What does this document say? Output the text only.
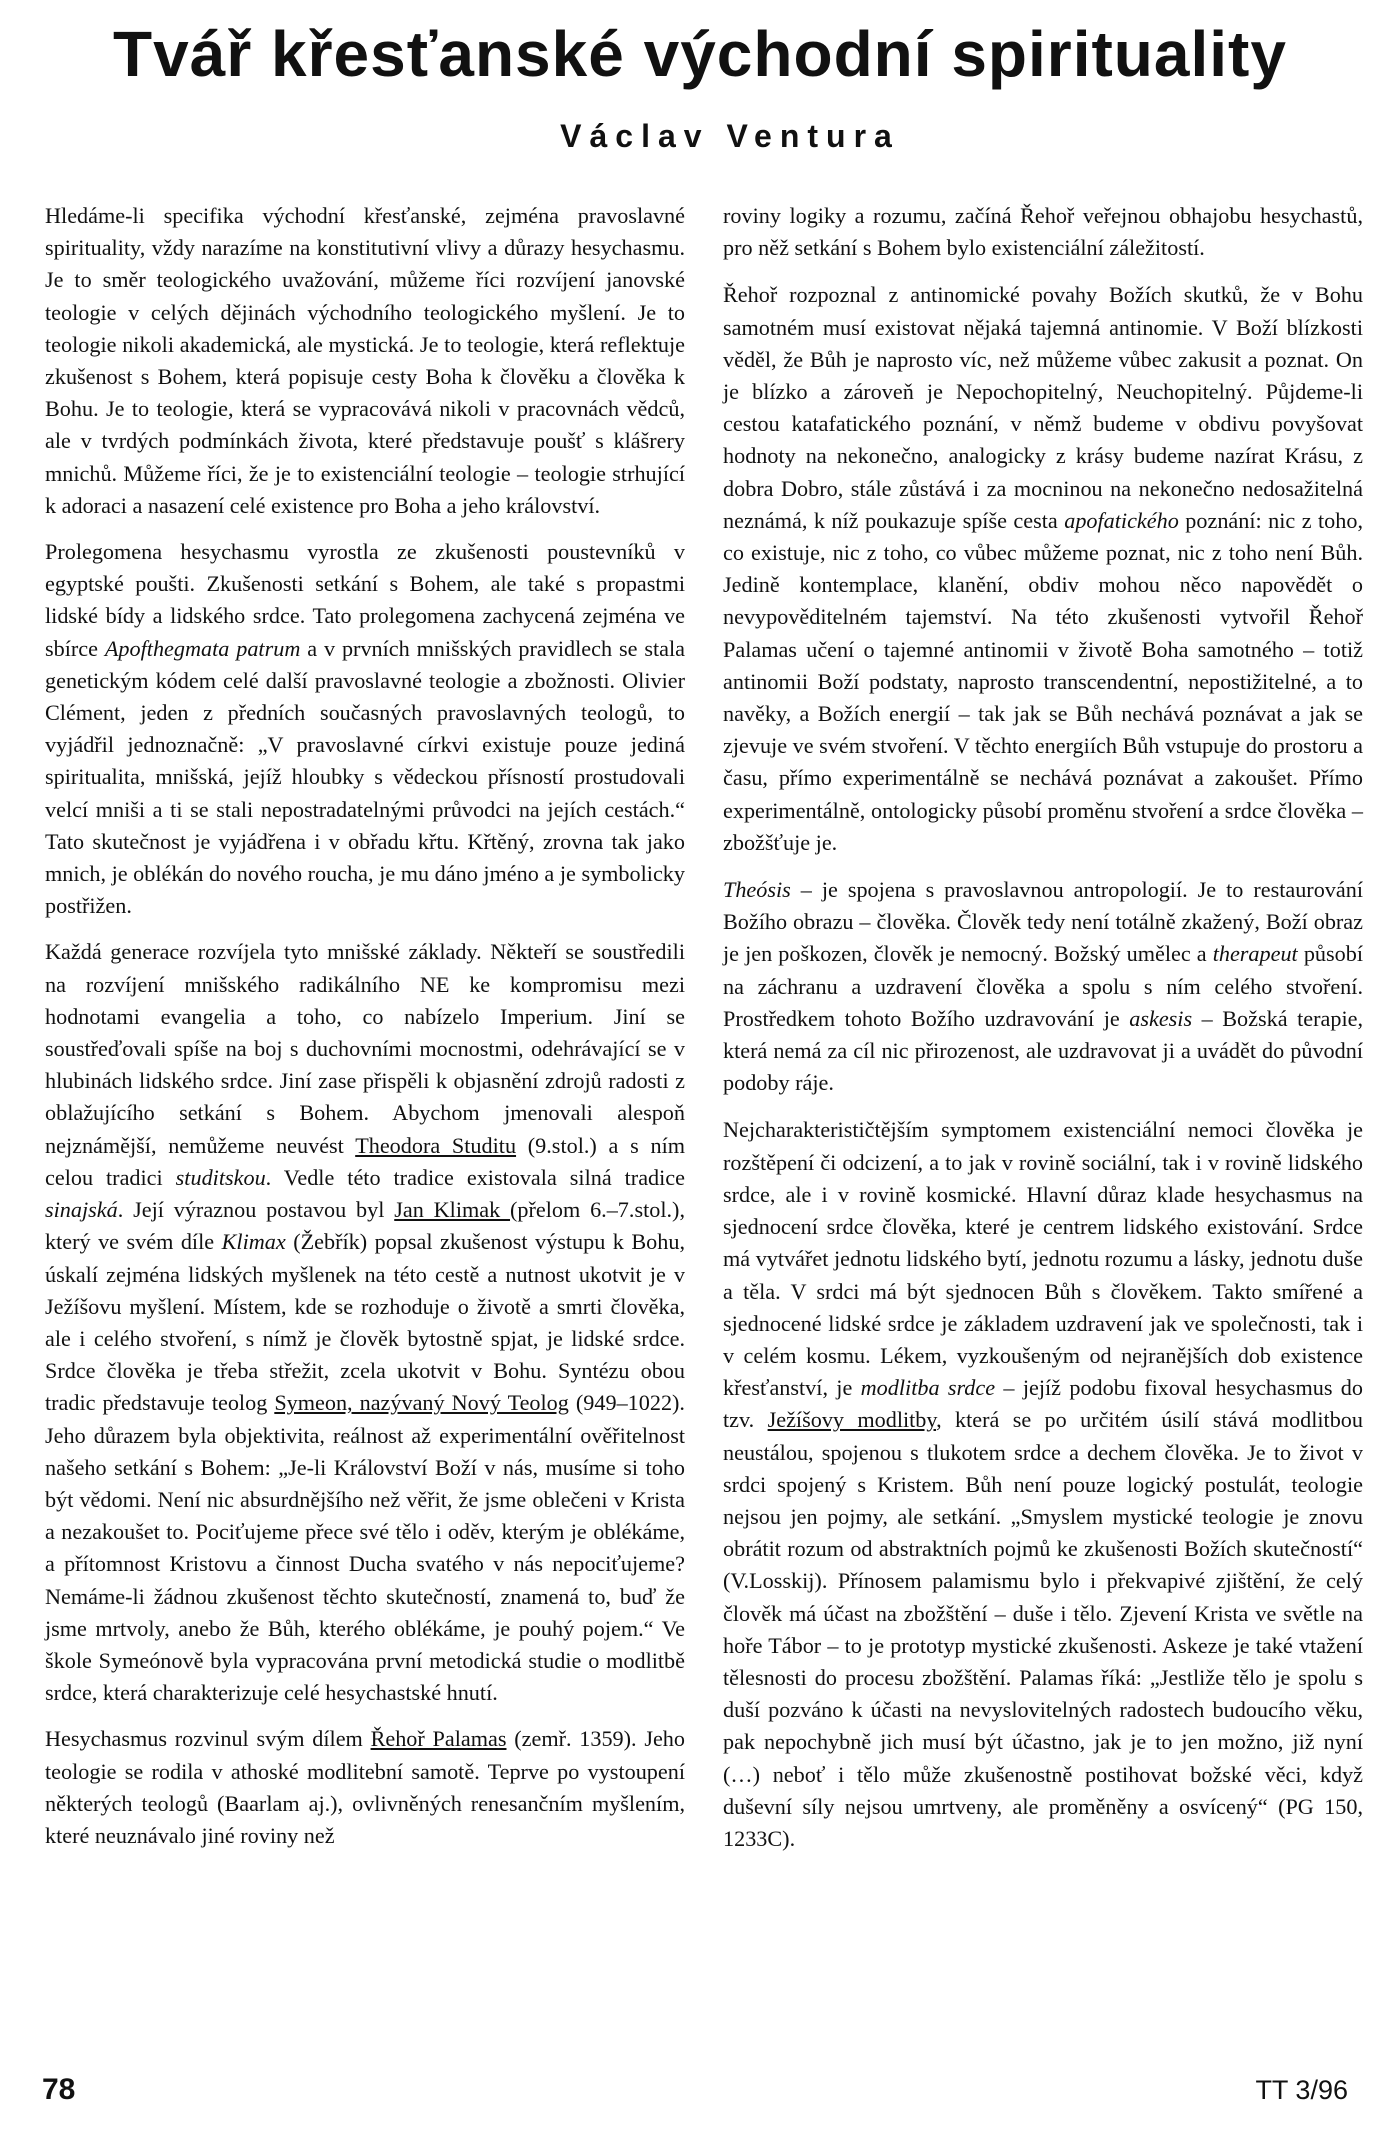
Tvář křesťanské východní spirituality
Václav Ventura

Hledáme-li specifika východní křesťanské, zejména pravoslavné spirituality, vždy narazíme na konstitutivní vlivy a důrazy hesychasmu. Je to směr teologického uvažování, můžeme říci rozvíjení janovské teologie v celých dějinách východního teologického myšlení. Je to teologie nikoli akademická, ale mystická. Je to teologie, která reflektuje zkušenost s Bohem, která popisuje cesty Boha k člověku a člověka k Bohu. Je to teologie, která se vypracovává nikoli v pracovnách vědců, ale v tvrdých podmínkách života, které představuje poušť s klášrery mnichů. Můžeme říci, že je to existenciální teologie – teologie strhující k adoraci a nasazení celé existence pro Boha a jeho království.

Prolegomena hesychasmu vyrostla ze zkušenosti poustevníků v egyptské poušti. Zkušenosti setkání s Bohem, ale také s propastmi lidské bídy a lidského srdce. Tato prolegomena zachycená zejména ve sbírce Apofthegmata patrum a v prvních mnišských pravidlech se stala genetickým kódem celé další pravoslavné teologie a zbožnosti. Olivier Clément, jeden z předních současných pravoslavných teologů, to vyjádřil jednoznačně: „V pravoslavné církvi existuje pouze jediná spiritualita, mnišská, jejíž hloubky s vědeckou přísností prostudovali velcí mniši a ti se stali nepostradatelnými průvodci na jejích cestách.“ Tato skutečnost je vyjádřena i v obřadu křtu. Křtěný, zrovna tak jako mnich, je oblékán do nového roucha, je mu dáno jméno a je symbolicky postřižen.

Každá generace rozvíjela tyto mnišské základy. Někteří se soustředili na rozvíjení mnišského radikálního NE ke kompromisu mezi hodnotami evangelia a toho, co nabízelo Imperium. Jiní se soustřeďovali spíše na boj s duchovními mocnostmi, odehrávající se v hlubinách lidského srdce. Jiní zase přispěli k objasnění zdrojů radosti z oblažujícího setkání s Bohem. Abychom jmenovali alespoň nejznámější, nemůžeme neuvést Theodora Studitu (9.stol.) a s ním celou tradici studitskou. Vedle této tradice existovala silná tradice sinajská. Její výraznou postavou byl Jan Klimak (přelom 6.–7.stol.), který ve svém díle Klimax (Žebřík) popsal zkušenost výstupu k Bohu, úskalí zejména lidských myšlenek na této cestě a nutnost ukotvit je v Ježíšovu myšlení. Místem, kde se rozhoduje o životě a smrti člověka, ale i celého stvoření, s nímž je člověk bytostně spjat, je lidské srdce. Srdce člověka je třeba střežit, zcela ukotvit v Bohu. Syntézu obou tradic představuje teolog Symeon, nazývaný Nový Teolog (949–1022). Jeho důrazem byla objektivita, reálnost až experimentální ověřitelnost našeho setkání s Bohem: „Je-li Království Boží v nás, musíme si toho být vědomi. Není nic absurdnějšího než věřit, že jsme oblečeni v Krista a nezakoušet to. Pociťujeme přece své tělo i oděv, kterým je oblékáme, a přítomnost Kristovu a činnost Ducha svatého v nás nepociťujeme? Nemáme-li žádnou zkušenost těchto skutečností, znamená to, buď že jsme mrtvoly, anebo že Bůh, kterého oblékáme, je pouhý pojem.“ Ve škole Symeónově byla vypracována první metodická studie o modlitbě srdce, která charakterizuje celé hesychastské hnutí.

Hesychasmus rozvinul svým dílem Řehoř Palamas (zemř. 1359). Jeho teologie se rodila v athoské modlitební samotě. Teprve po vystoupení některých teologů (Baarlam aj.), ovlivněných renesančním myšlením, které neuznávalo jiné roviny než

roviny logiky a rozumu, začíná Řehoř veřejnou obhajobu hesychastů, pro něž setkání s Bohem bylo existenciální záležitostí.

Řehoř rozpoznal z antinomické povahy Božích skutků, že v Bohu samotném musí existovat nějaká tajemná antinomie. V Boží blízkosti věděl, že Bůh je naprosto víc, než můžeme vůbec zakusit a poznat. On je blízko a zároveň je Nepochopitelný, Neuchopitelný. Půjdeme-li cestou katafatického poznání, v němž budeme v obdivu povyšovat hodnoty na nekonečno, analogicky z krásy budeme nazírat Krásu, z dobra Dobro, stále zůstává i za mocninou na nekonečno nedosažitelná neznámá, k níž poukazuje spíše cesta apofatického poznání: nic z toho, co existuje, nic z toho, co vůbec můžeme poznat, nic z toho není Bůh. Jedině kontemplace, klanění, obdiv mohou něco napovědět o nevypověditelném tajemství. Na této zkušenosti vytvořil Řehoř Palamas učení o tajemné antinomii v životě Boha samotného – totiž antinomii Boží podstaty, naprosto transcendentní, nepostižitelné, a to navěky, a Božích energií – tak jak se Bůh nechává poznávat a jak se zjevuje ve svém stvoření. V těchto energiích Bůh vstupuje do prostoru a času, přímo experimentálně se nechává poznávat a zakoušet. Přímo experimentálně, ontologicky působí proměnu stvoření a srdce člověka – zbožšťuje je.

Theósis – je spojena s pravoslavnou antropologií. Je to restaurování Božího obrazu – člověka. Člověk tedy není totálně zkažený, Boží obraz je jen poškozen, člověk je nemocný. Božský umělec a therapeut působí na záchranu a uzdravení člověka a spolu s ním celého stvoření. Prostředkem tohoto Božího uzdravování je askesis – Božská terapie, která nemá za cíl nic přirozenost, ale uzdravovat ji a uvádět do původní podoby ráje.

Nejcharakterističtějším symptomem existenciální nemoci člověka je rozštěpení či odcizení, a to jak v rovině sociální, tak i v rovině lidského srdce, ale i v rovině kosmické. Hlavní důraz klade hesychasmus na sjednocení srdce člověka, které je centrem lidského existování. Srdce má vytvářet jednotu lidského bytí, jednotu rozumu a lásky, jednotu duše a těla. V srdci má být sjednocen Bůh s člověkem. Takto smířené a sjednocené lidské srdce je základem uzdravení jak ve společnosti, tak i v celém kosmu. Lékem, vyzkoušeným od nejranějších dob existence křesťanství, je modlitba srdce – jejíž podobu fixoval hesychasmus do tzv. Ježíšovy modlitby, která se po určitém úsilí stává modlitbou neustálou, spojenou s tlukotem srdce a dechem člověka. Je to život v srdci spojený s Kristem. Bůh není pouze logický postulát, teologie nejsou jen pojmy, ale setkání. „Smyslem mystické teologie je znovu obrátit rozum od abstraktních pojmů ke zkušenosti Božích skutečností“ (V.Losskij). Přínosem palamismu bylo i překvapivé zjištění, že celý člověk má účast na zbožštění – duše i tělo. Zjevení Krista ve světle na hoře Tábor – to je prototyp mystické zkušenosti. Askeze je také vtažení tělesnosti do procesu zbožštění. Palamas říká: „Jestliže tělo je spolu s duší pozváno k účasti na nevyslovitelných radostech budoucího věku, pak nepochybně jich musí být účastno, jak je to jen možno, již nyní (…) neboť i tělo může zkušenostně postihovat božské věci, když duševní síly nejsou umrtveny, ale proměněny a osvícený“ (PG 150, 1233C).

78	TT 3/96
